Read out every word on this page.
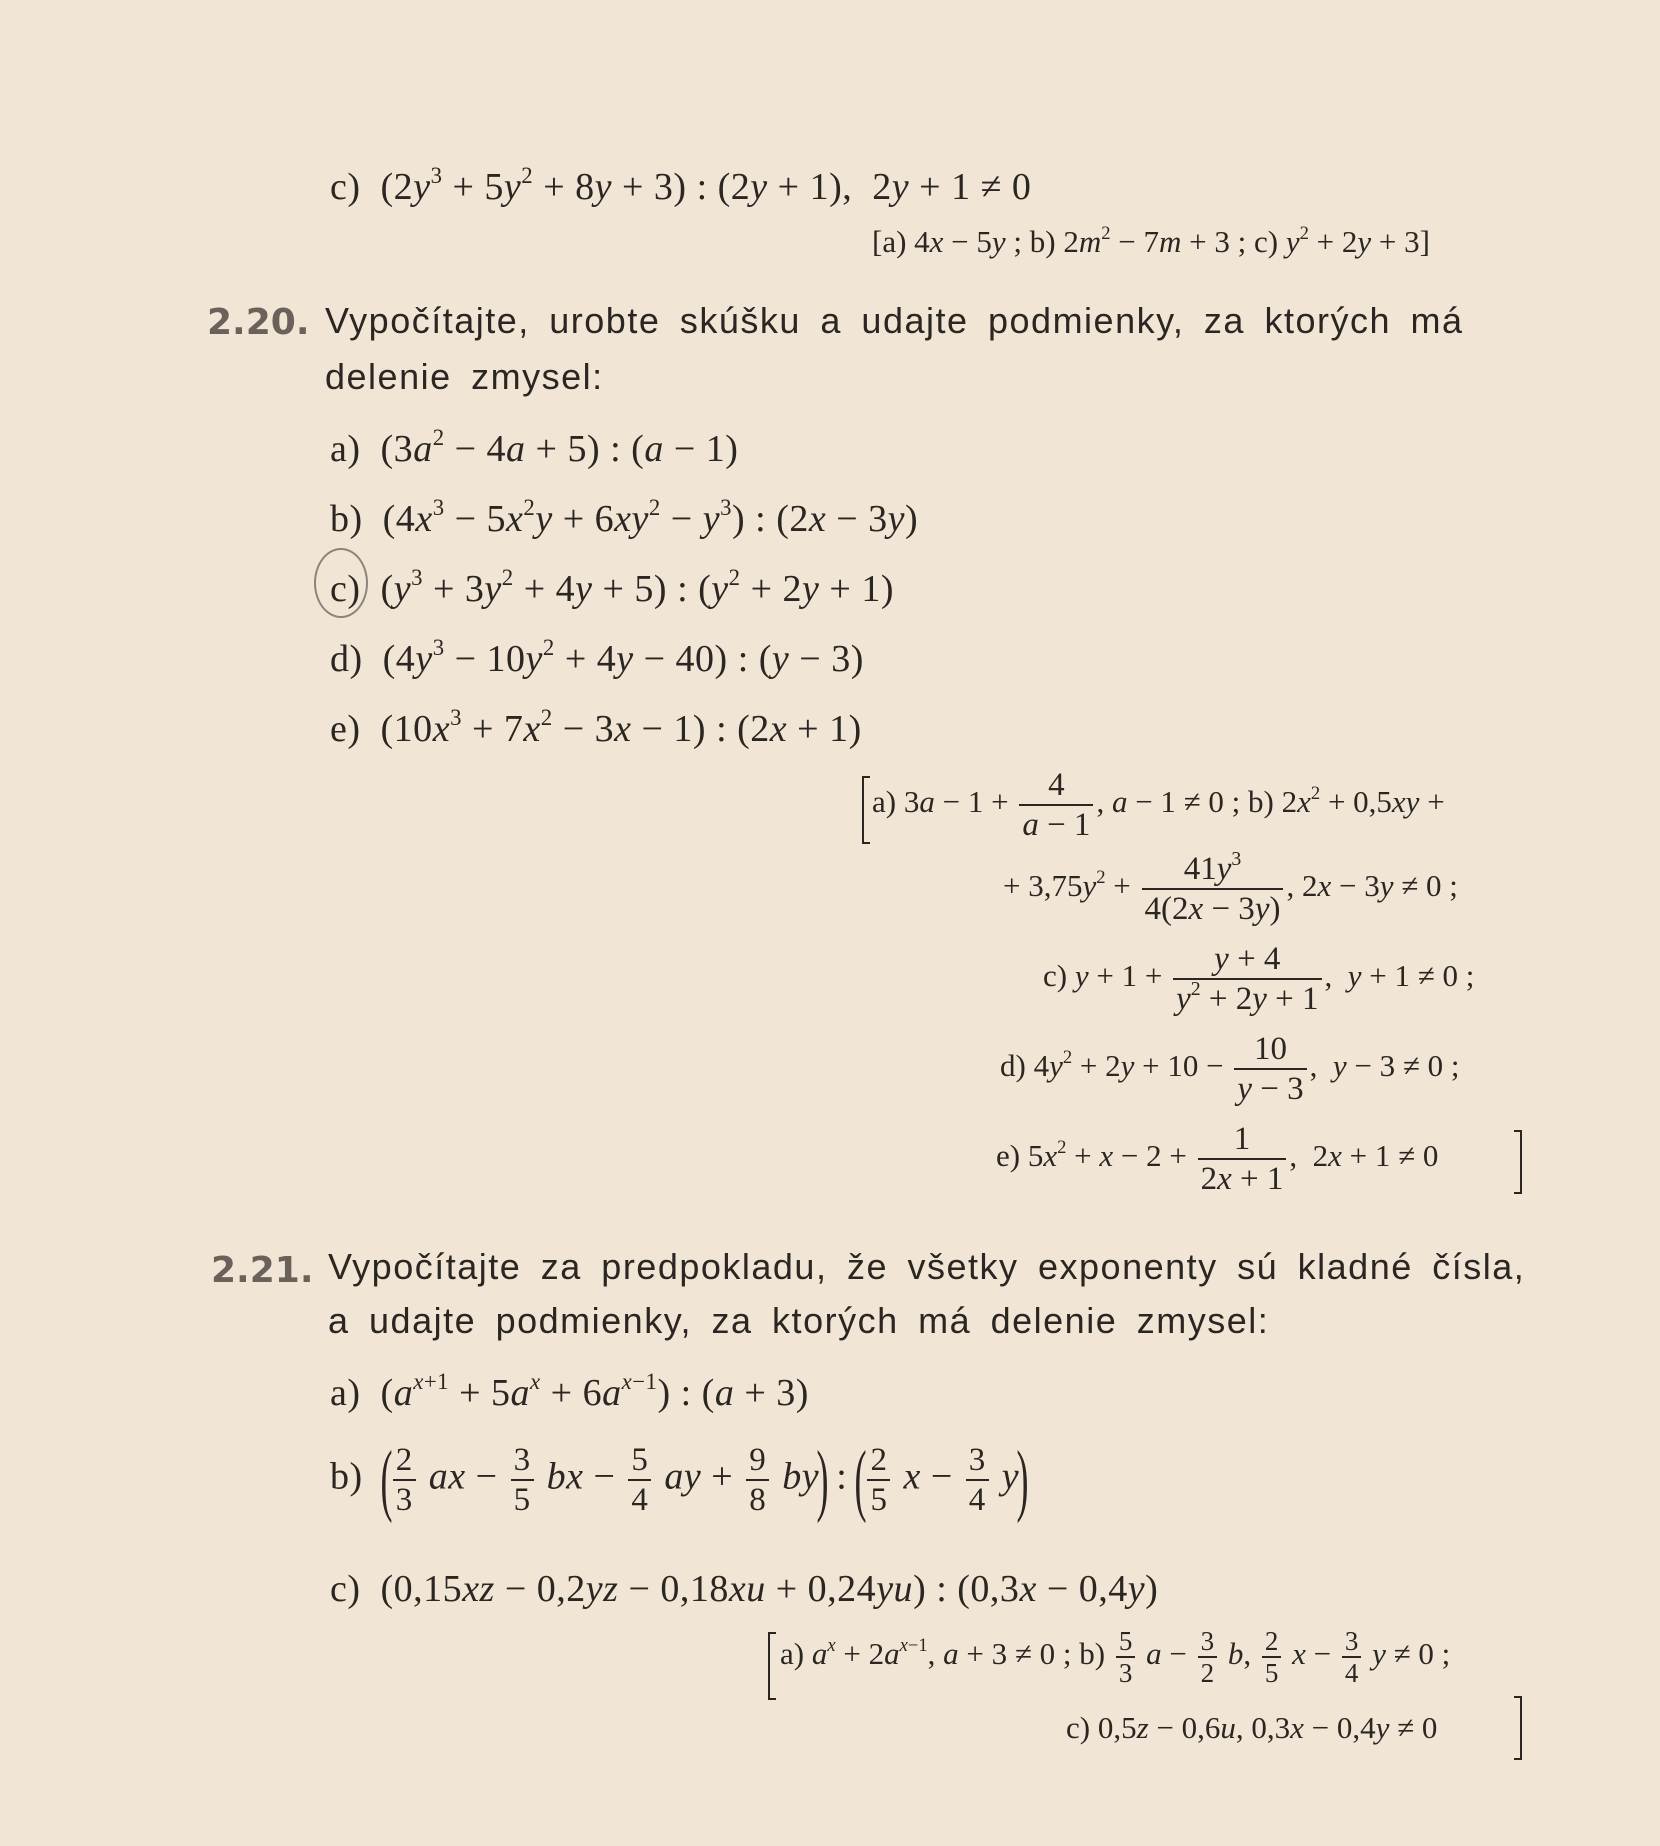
c)  $(2y^3 + 5y^2 + 8y + 3)$ : (2y + 1),  2y + 1 ≠ 0
[a) 4x − 5y ; b) $2m^2 - 7m + 3$ ; c) $y^2 + 2y + 3$]
2.20. Vypočítajte, urobte skúšku a udajte podmienky, za ktorých má
delenie zmysel:
a)  $(3a^2 - 4a + 5)$ : (a − 1)
b)  $(4x^3 - 5x^2y + 6xy^2 - y^3)$ : (2x − 3y)
c)  $(y^3 + 3y^2 + 4y + 5)$ : $(y^2 + 2y + 1)$
d)  $(4y^3 - 10y^2 + 4y - 40)$ : (y − 3)
e)  $(10x^3 + 7x^2 - 3x - 1)$ : (2x + 1)
a) $3a - 1 + \frac{4}{a - 1}$ , a − 1 ≠ 0 ; b) $2x^2 + 0,5xy$ +
+ $3,75y^2 + \frac{41y^3}{4(2x - 3y)}$ , 2x − 3y ≠ 0 ;
c) $y + 1 + \frac{y + 4}{y^2 + 2y + 1}$ ,  y + 1 ≠ 0 ;
d) $4y^2 + 2y + 10 - \frac{10}{y - 3}$ ,  y − 3 ≠ 0 ;
e) $5x^2 + x - 2 + \frac{1}{2x + 1}$ ,  2x + 1 ≠ 0
2.21. Vypočítajte za predpokladu, že všetky exponenty sú kladné čísla,
a udajte podmienky, za ktorých má delenie zmysel:
a)  $(a^{x+1} + 5a^x + 6a^{x-1})$ : (a + 3)
b) ( $\frac{2}{3}$ ax − $\frac{3}{5}$ bx − $\frac{5}{4}$ ay + $\frac{9}{8} by$) : ( $\frac{2}{5}$ $x - \frac{3}{4} y$)
c)  (0,15xz − 0,2yz − 0,18xu + 0,24yu) : (0,3x − 0,4y)
a) $a^x + 2a^{x-1}$, a + 3 ≠ 0 ; $b) \frac{5}{3}$ $a - \frac{3}{2} b$, $\frac{2}{5}$ $x - \frac{3}{4}$ y ≠ 0 ;
c) 0,5z − 0,6u, 0,3x − 0,4y ≠ 0
